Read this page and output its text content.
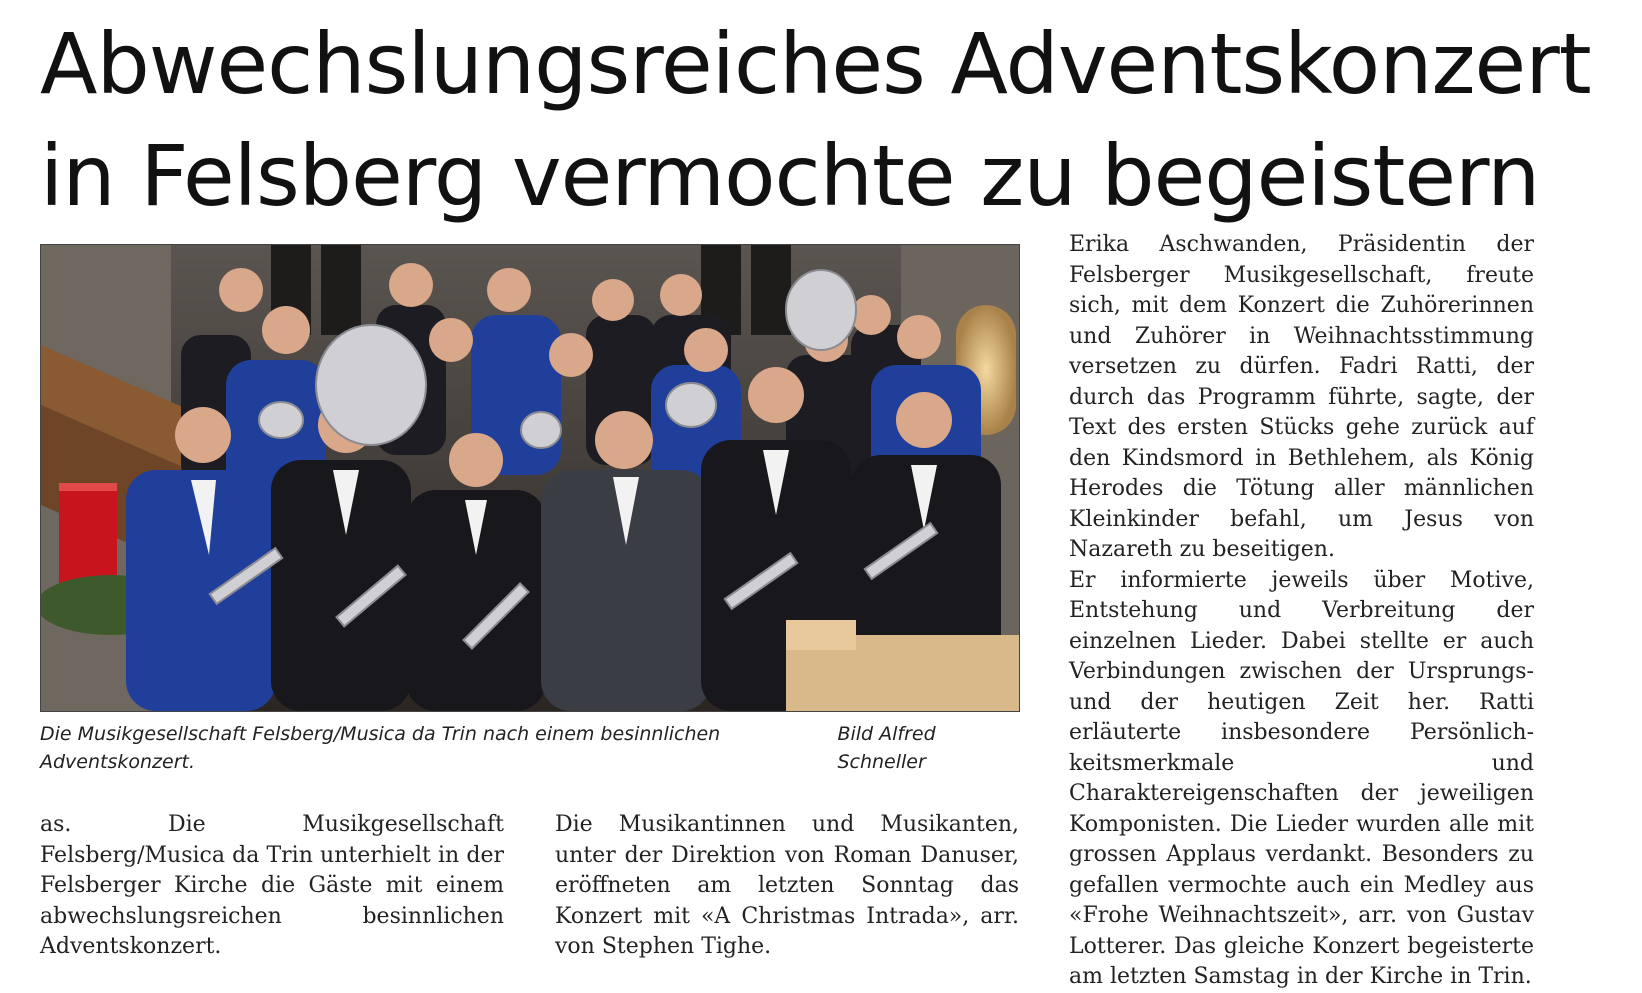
Abwechslungsreiches Adventskonzert
in Felsberg vermochte zu begeistern
Die Musikgesellschaft Felsberg/Musica da Trin nach einem besinnlichen Adventskonzert.
Bild Alfred Schneller

as. Die Musikgesellschaft Felsberg/Musica da Trin unterhielt in der Felsberger Kirche die Gäste mit einem abwechslungsreichen besinnlichen Adventskonzert.

Die Musikantinnen und Musikanten, unter der Direktion von Roman Danuser, eröffneten am letzten Sonntag das Konzert mit «A Christmas Intrada», arr. von Stephen Tighe.

Erika Aschwanden, Präsidentin der Felsberger Musikgesellschaft, freute sich, mit dem Konzert die Zuhörerinnen und Zuhörer in Weihnachtsstimmung versetzen zu dürfen. Fadri Ratti, der durch das Programm führte, sagte, der Text des ersten Stücks gehe zurück auf den Kindsmord in Bethlehem, als König Herodes die Tötung aller männlichen Kleinkinder befahl, um Jesus von Nazareth zu beseitigen.

Er informierte jeweils über Motive, Entstehung und Verbreitung der einzelnen Lieder. Dabei stellte er auch Verbindungen zwischen der Ursprungs- und der heutigen Zeit her. Ratti erläuterte insbesondere Persönlichkeitsmerkmale und Charaktereigenschaften der jeweiligen Komponisten. Die Lieder wurden alle mit grossen Applaus verdankt. Besonders zu gefallen vermochte auch ein Medley aus «Frohe Weihnachtszeit», arr. von Gustav Lotterer. Das gleiche Konzert begeisterte am letzten Samstag in der Kirche in Trin.
